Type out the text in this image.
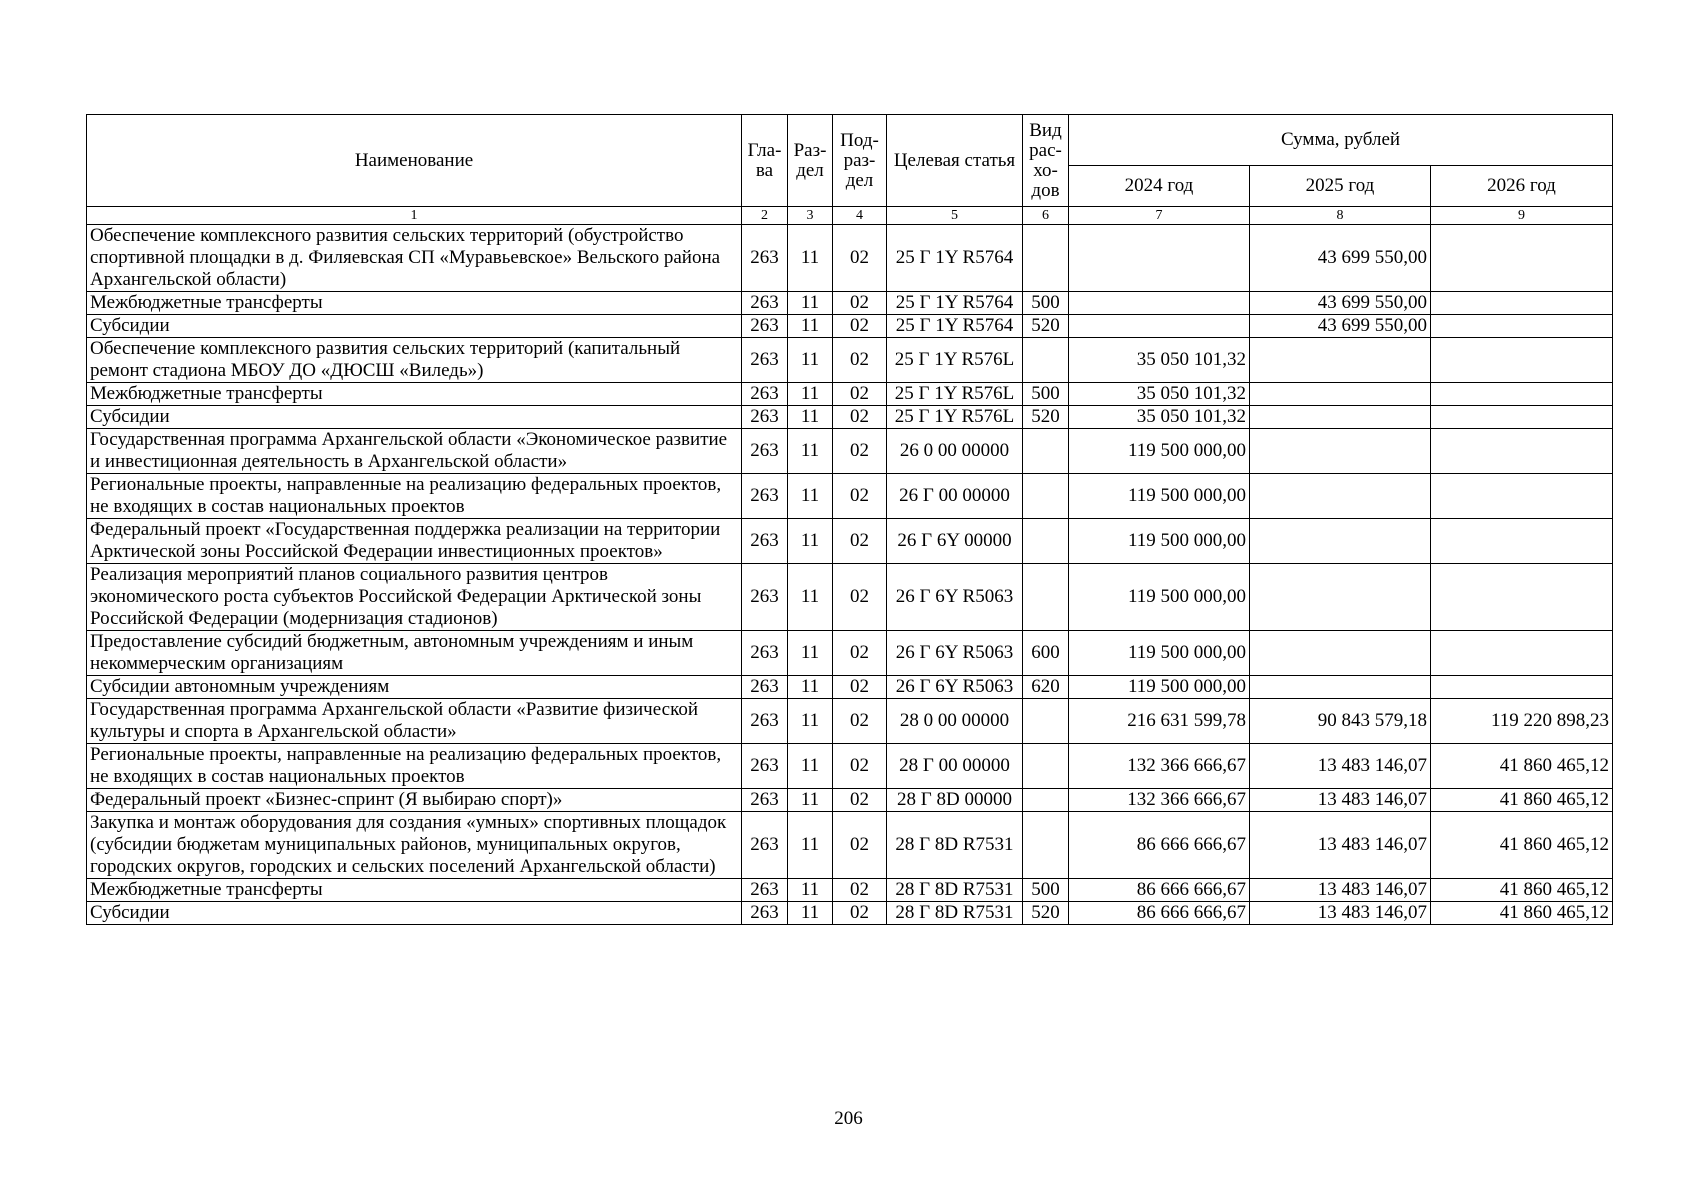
Наименование	Гла-ва	Раз-дел	Под-раз-дел	Целевая статья	Вид рас-хо-дов	Сумма, рублей		
						2024 год	2025 год	2026 год
1	2	3	4	5	6	7	8	9
Обеспечение комплексного развития сельских территорий (обустройство спортивной площадки в д. Филяевская СП «Муравьевское» Вельского района Архангельской области)	263	11	02	25 Г 1Y R5764			43 699 550,00	
Межбюджетные трансферты	263	11	02	25 Г 1Y R5764	500		43 699 550,00	
Субсидии	263	11	02	25 Г 1Y R5764	520		43 699 550,00	
Обеспечение комплексного развития сельских территорий (капитальный ремонт стадиона МБОУ ДО «ДЮСШ «Виледь»)	263	11	02	25 Г 1Y R576L		35 050 101,32		
Межбюджетные трансферты	263	11	02	25 Г 1Y R576L	500	35 050 101,32		
Субсидии	263	11	02	25 Г 1Y R576L	520	35 050 101,32		
Государственная программа Архангельской области «Экономическое развитие и инвестиционная деятельность в Архангельской области»	263	11	02	26 0 00 00000		119 500 000,00		
Региональные проекты, направленные на реализацию федеральных проектов, не входящих в состав национальных проектов	263	11	02	26 Г 00 00000		119 500 000,00		
Федеральный проект «Государственная поддержка реализации на территории Арктической зоны Российской Федерации инвестиционных проектов»	263	11	02	26 Г 6Y 00000		119 500 000,00		
Реализация мероприятий планов социального развития центров экономического роста субъектов Российской Федерации Арктической зоны Российской Федерации (модернизация стадионов)	263	11	02	26 Г 6Y R5063		119 500 000,00		
Предоставление субсидий бюджетным, автономным учреждениям и иным некоммерческим организациям	263	11	02	26 Г 6Y R5063	600	119 500 000,00		
Субсидии автономным учреждениям	263	11	02	26 Г 6Y R5063	620	119 500 000,00		
Государственная программа Архангельской области «Развитие физической культуры и спорта в Архангельской области»	263	11	02	28 0 00 00000		216 631 599,78	90 843 579,18	119 220 898,23
Региональные проекты, направленные на реализацию федеральных проектов, не входящих в состав национальных проектов	263	11	02	28 Г 00 00000		132 366 666,67	13 483 146,07	41 860 465,12
Федеральный проект «Бизнес-спринт (Я выбираю спорт)»	263	11	02	28 Г 8D 00000		132 366 666,67	13 483 146,07	41 860 465,12
Закупка и монтаж оборудования для создания «умных» спортивных площадок (субсидии бюджетам муниципальных районов, муниципальных округов, городских округов, городских и сельских поселений Архангельской области)	263	11	02	28 Г 8D R7531		86 666 666,67	13 483 146,07	41 860 465,12
Межбюджетные трансферты	263	11	02	28 Г 8D R7531	500	86 666 666,67	13 483 146,07	41 860 465,12
Субсидии	263	11	02	28 Г 8D R7531	520	86 666 666,67	13 483 146,07	41 860 465,12
206
